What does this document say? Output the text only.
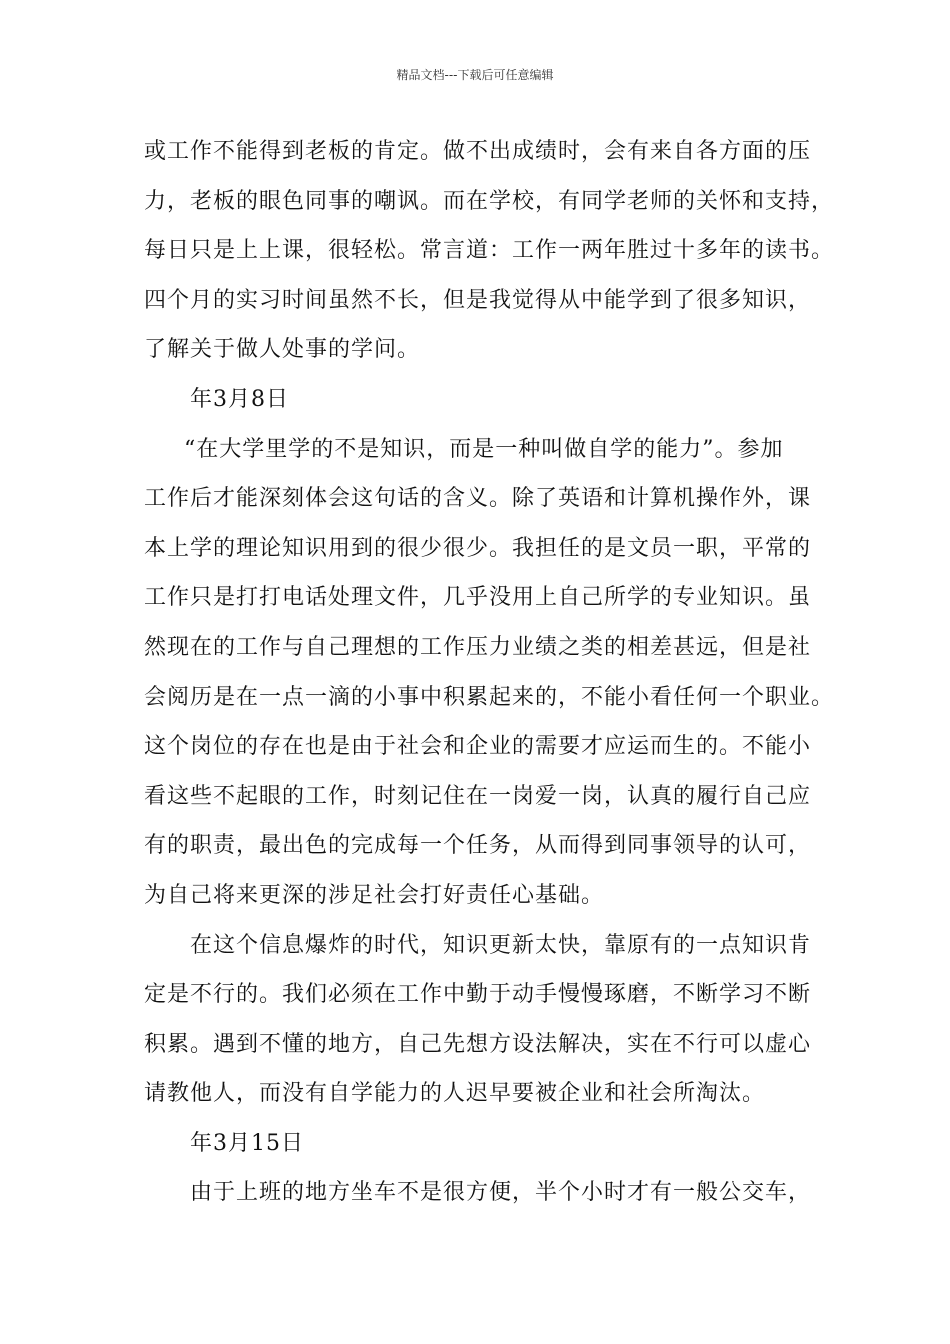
精品文档---下载后可任意编辑
或工作不能得到老板的肯定。做不出成绩时，会有来自各方面的压
力，老板的眼色同事的嘲讽。而在学校，有同学老师的关怀和支持，
每日只是上上课，很轻松。常言道：工作一两年胜过十多年的读书。
四个月的实习时间虽然不长，但是我觉得从中能学到了很多知识，
了解关于做人处事的学问。
年3月8日
“在大学里学的不是知识，而是一种叫做自学的能力”。参加
工作后才能深刻体会这句话的含义。除了英语和计算机操作外，课
本上学的理论知识用到的很少很少。我担任的是文员一职，平常的
工作只是打打电话处理文件，几乎没用上自己所学的专业知识。虽
然现在的工作与自己理想的工作压力业绩之类的相差甚远，但是社
会阅历是在一点一滴的小事中积累起来的，不能小看任何一个职业。
这个岗位的存在也是由于社会和企业的需要才应运而生的。不能小
看这些不起眼的工作，时刻记住在一岗爱一岗，认真的履行自己应
有的职责，最出色的完成每一个任务，从而得到同事领导的认可，
为自己将来更深的涉足社会打好责任心基础。
在这个信息爆炸的时代，知识更新太快，靠原有的一点知识肯
定是不行的。我们必须在工作中勤于动手慢慢琢磨，不断学习不断
积累。遇到不懂的地方，自己先想方设法解决，实在不行可以虚心
请教他人，而没有自学能力的人迟早要被企业和社会所淘汰。
年3月15日
由于上班的地方坐车不是很方便，半个小时才有一般公交车，
